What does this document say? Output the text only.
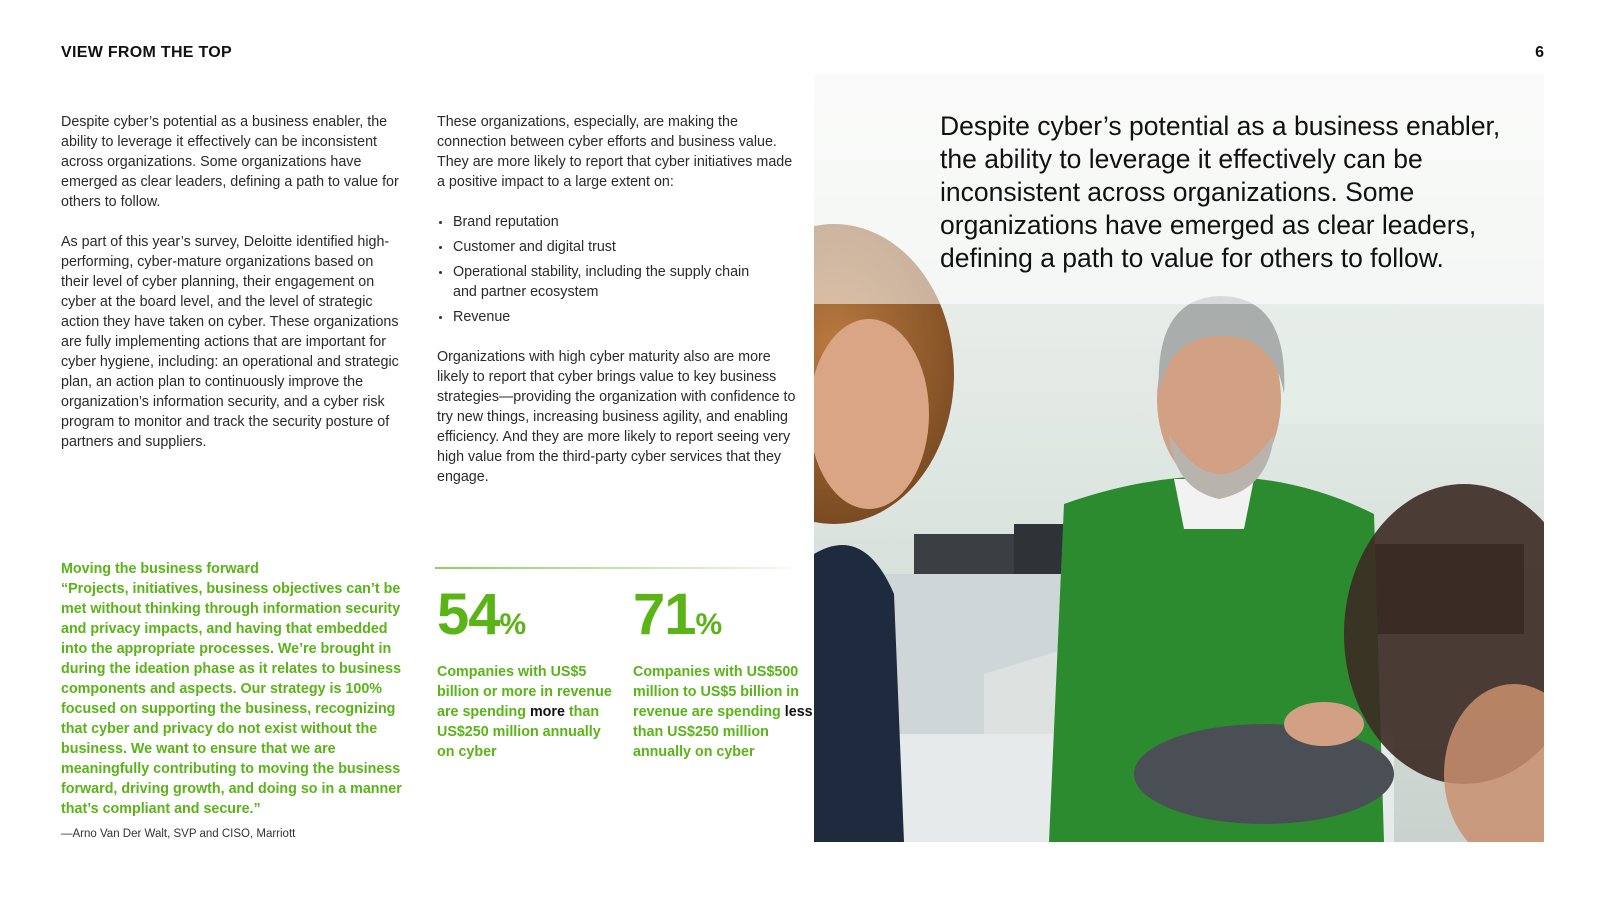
VIEW FROM THE TOP	6

Despite cyber’s potential as a business enabler, the ability to leverage it effectively can be inconsistent across organizations. Some organizations have emerged as clear leaders, defining a path to value for others to follow.

As part of this year’s survey, Deloitte identified high-performing, cyber-mature organizations based on their level of cyber planning, their engagement on cyber at the board level, and the level of strategic action they have taken on cyber. These organizations are fully implementing actions that are important for cyber hygiene, including: an operational and strategic plan, an action plan to continuously improve the organization’s information security, and a cyber risk program to monitor and track the security posture of partners and suppliers.

These organizations, especially, are making the connection between cyber efforts and business value. They are more likely to report that cyber initiatives made a positive impact to a large extent on:

Brand reputation
Customer and digital trust
Operational stability, including the supply chain and partner ecosystem
Revenue

Organizations with high cyber maturity also are more likely to report that cyber brings value to key business strategies—providing the organization with confidence to try new things, increasing business agility, and enabling efficiency. And they are more likely to report seeing very high value from the third-party cyber services that they engage.

Moving the business forward

“Projects, initiatives, business objectives can’t be met without thinking through information security and privacy impacts, and having that embedded into the appropriate processes. We’re brought in during the ideation phase as it relates to business components and aspects. Our strategy is 100% focused on supporting the business, recognizing that cyber and privacy do not exist without the business. We want to ensure that we are meaningfully contributing to moving the business forward, driving growth, and doing so in a manner that’s compliant and secure.”

—Arno Van Der Walt, SVP and CISO, Marriott
54%
Companies with US$5 billion or more in revenue are spending more than US$250 million annually on cyber
71%
Companies with US$500 million to US$5 billion in revenue are spending less than US$250 million annually on cyber
Despite cyber’s potential as a business enabler, the ability to leverage it effectively can be inconsistent across organizations. Some organizations have emerged as clear leaders, defining a path to value for others to follow.
